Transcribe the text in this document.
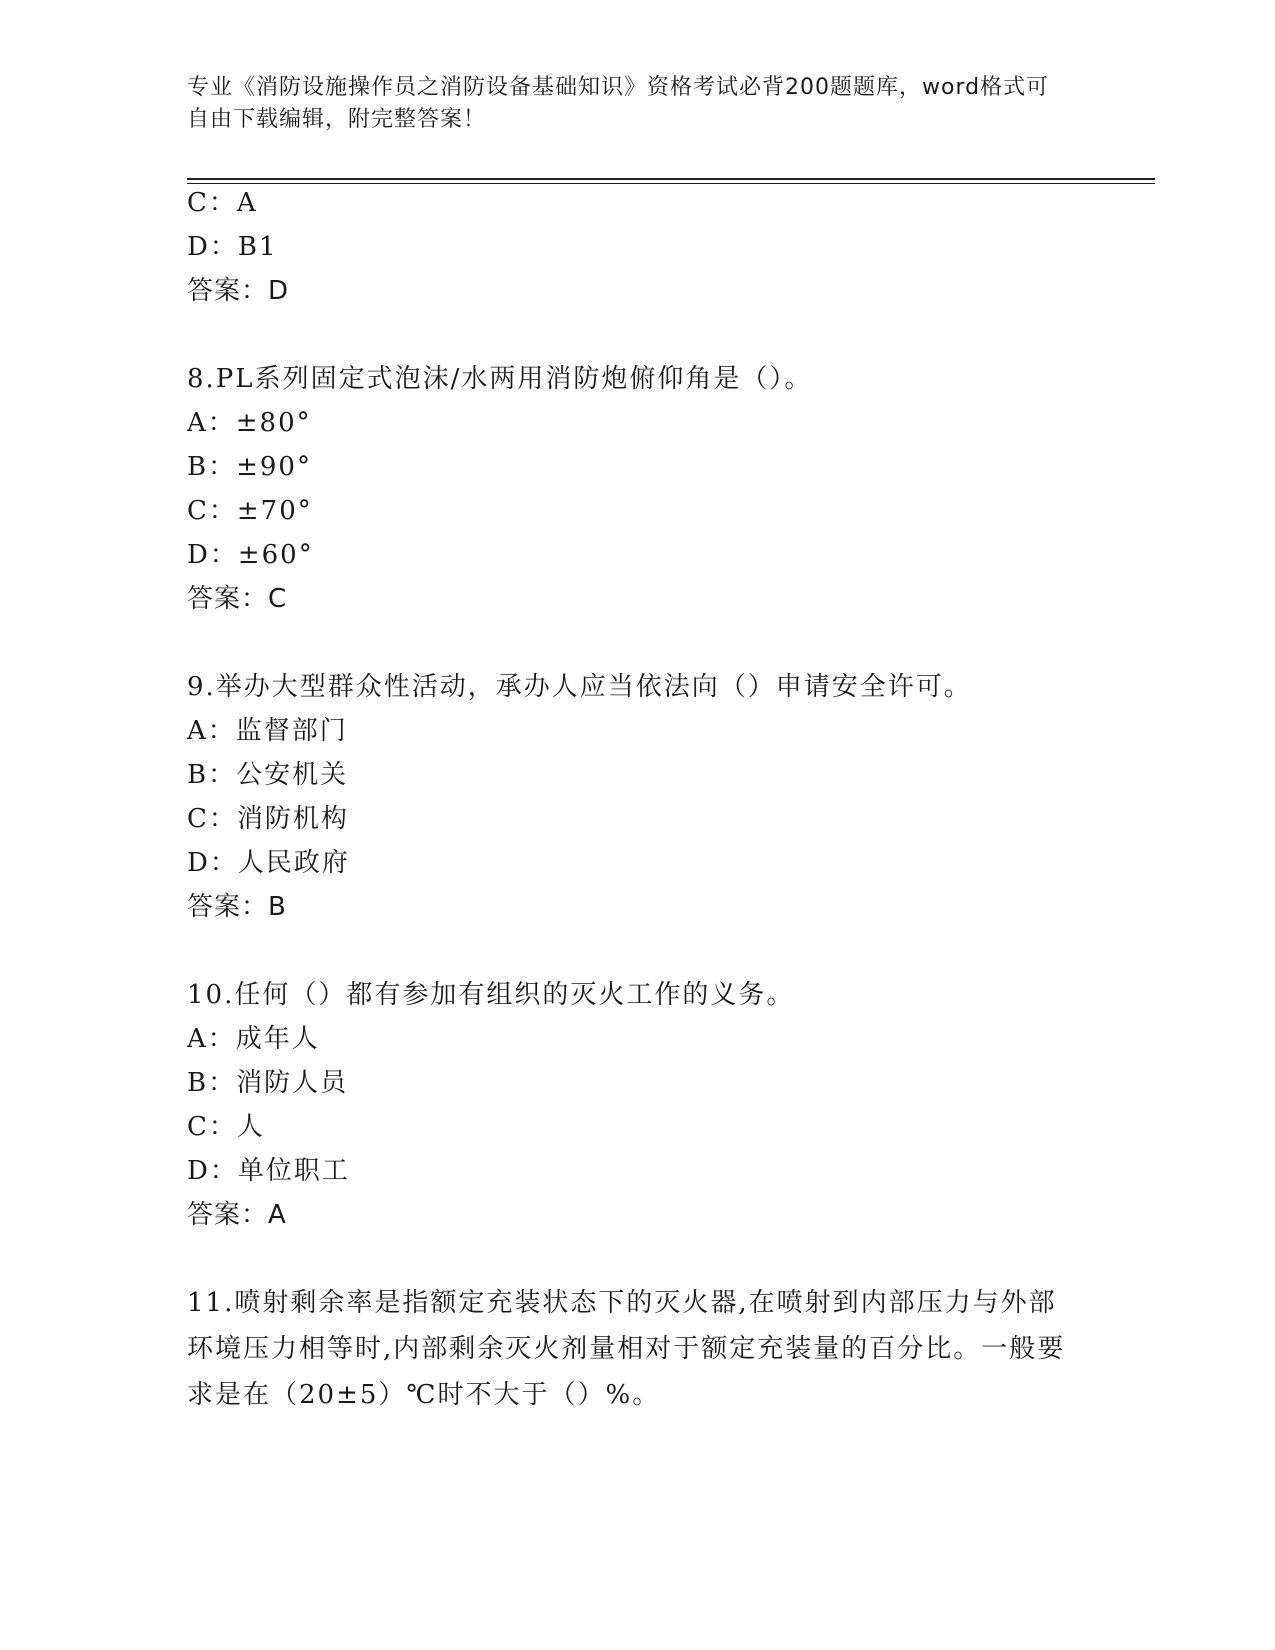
专业《消防设施操作员之消防设备基础知识》资格考试必背200题题库，word格式可自由下载编辑，附完整答案！
C：A
D：B1
答案：D
8.PL系列固定式泡沫/水两用消防炮俯仰角是（）。
A：±80°
B：±90°
C：±70°
D：±60°
答案：C
9.举办大型群众性活动，承办人应当依法向（）申请安全许可。
A：监督部门
B：公安机关
C：消防机构
D：人民政府
答案：B
10.任何（）都有参加有组织的灭火工作的义务。
A：成年人
B：消防人员
C：人
D：单位职工
答案：A
11.喷射剩余率是指额定充装状态下的灭火器,在喷射到内部压力与外部环境压力相等时,内部剩余灭火剂量相对于额定充装量的百分比。一般要求是在（20±5）℃时不大于（）%。
